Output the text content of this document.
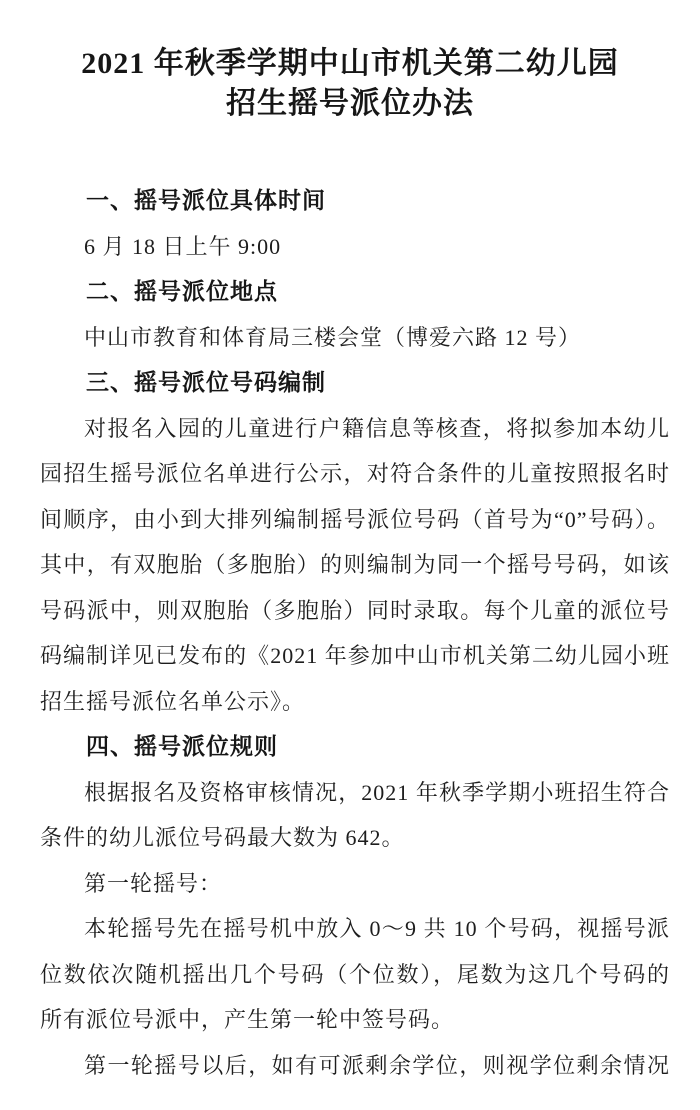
2021 年秋季学期中山市机关第二幼儿园
招生摇号派位办法
一、摇号派位具体时间
6 月 18 日上午 9:00
二、摇号派位地点
中山市教育和体育局三楼会堂（博爱六路 12 号）
三、摇号派位号码编制
对报名入园的儿童进行户籍信息等核查，将拟参加本幼儿
园招生摇号派位名单进行公示，对符合条件的儿童按照报名时
间顺序，由小到大排列编制摇号派位号码（首号为“0”号码）。
其中，有双胞胎（多胞胎）的则编制为同一个摇号号码，如该
号码派中，则双胞胎（多胞胎）同时录取。每个儿童的派位号
码编制详见已发布的《2021 年参加中山市机关第二幼儿园小班
招生摇号派位名单公示》。
四、摇号派位规则
根据报名及资格审核情况，2021 年秋季学期小班招生符合
条件的幼儿派位号码最大数为 642。
第一轮摇号：
本轮摇号先在摇号机中放入 0～9 共 10 个号码，视摇号派
位数依次随机摇出几个号码（个位数），尾数为这几个号码的
所有派位号派中，产生第一轮中签号码。
第一轮摇号以后，如有可派剩余学位，则视学位剩余情况
